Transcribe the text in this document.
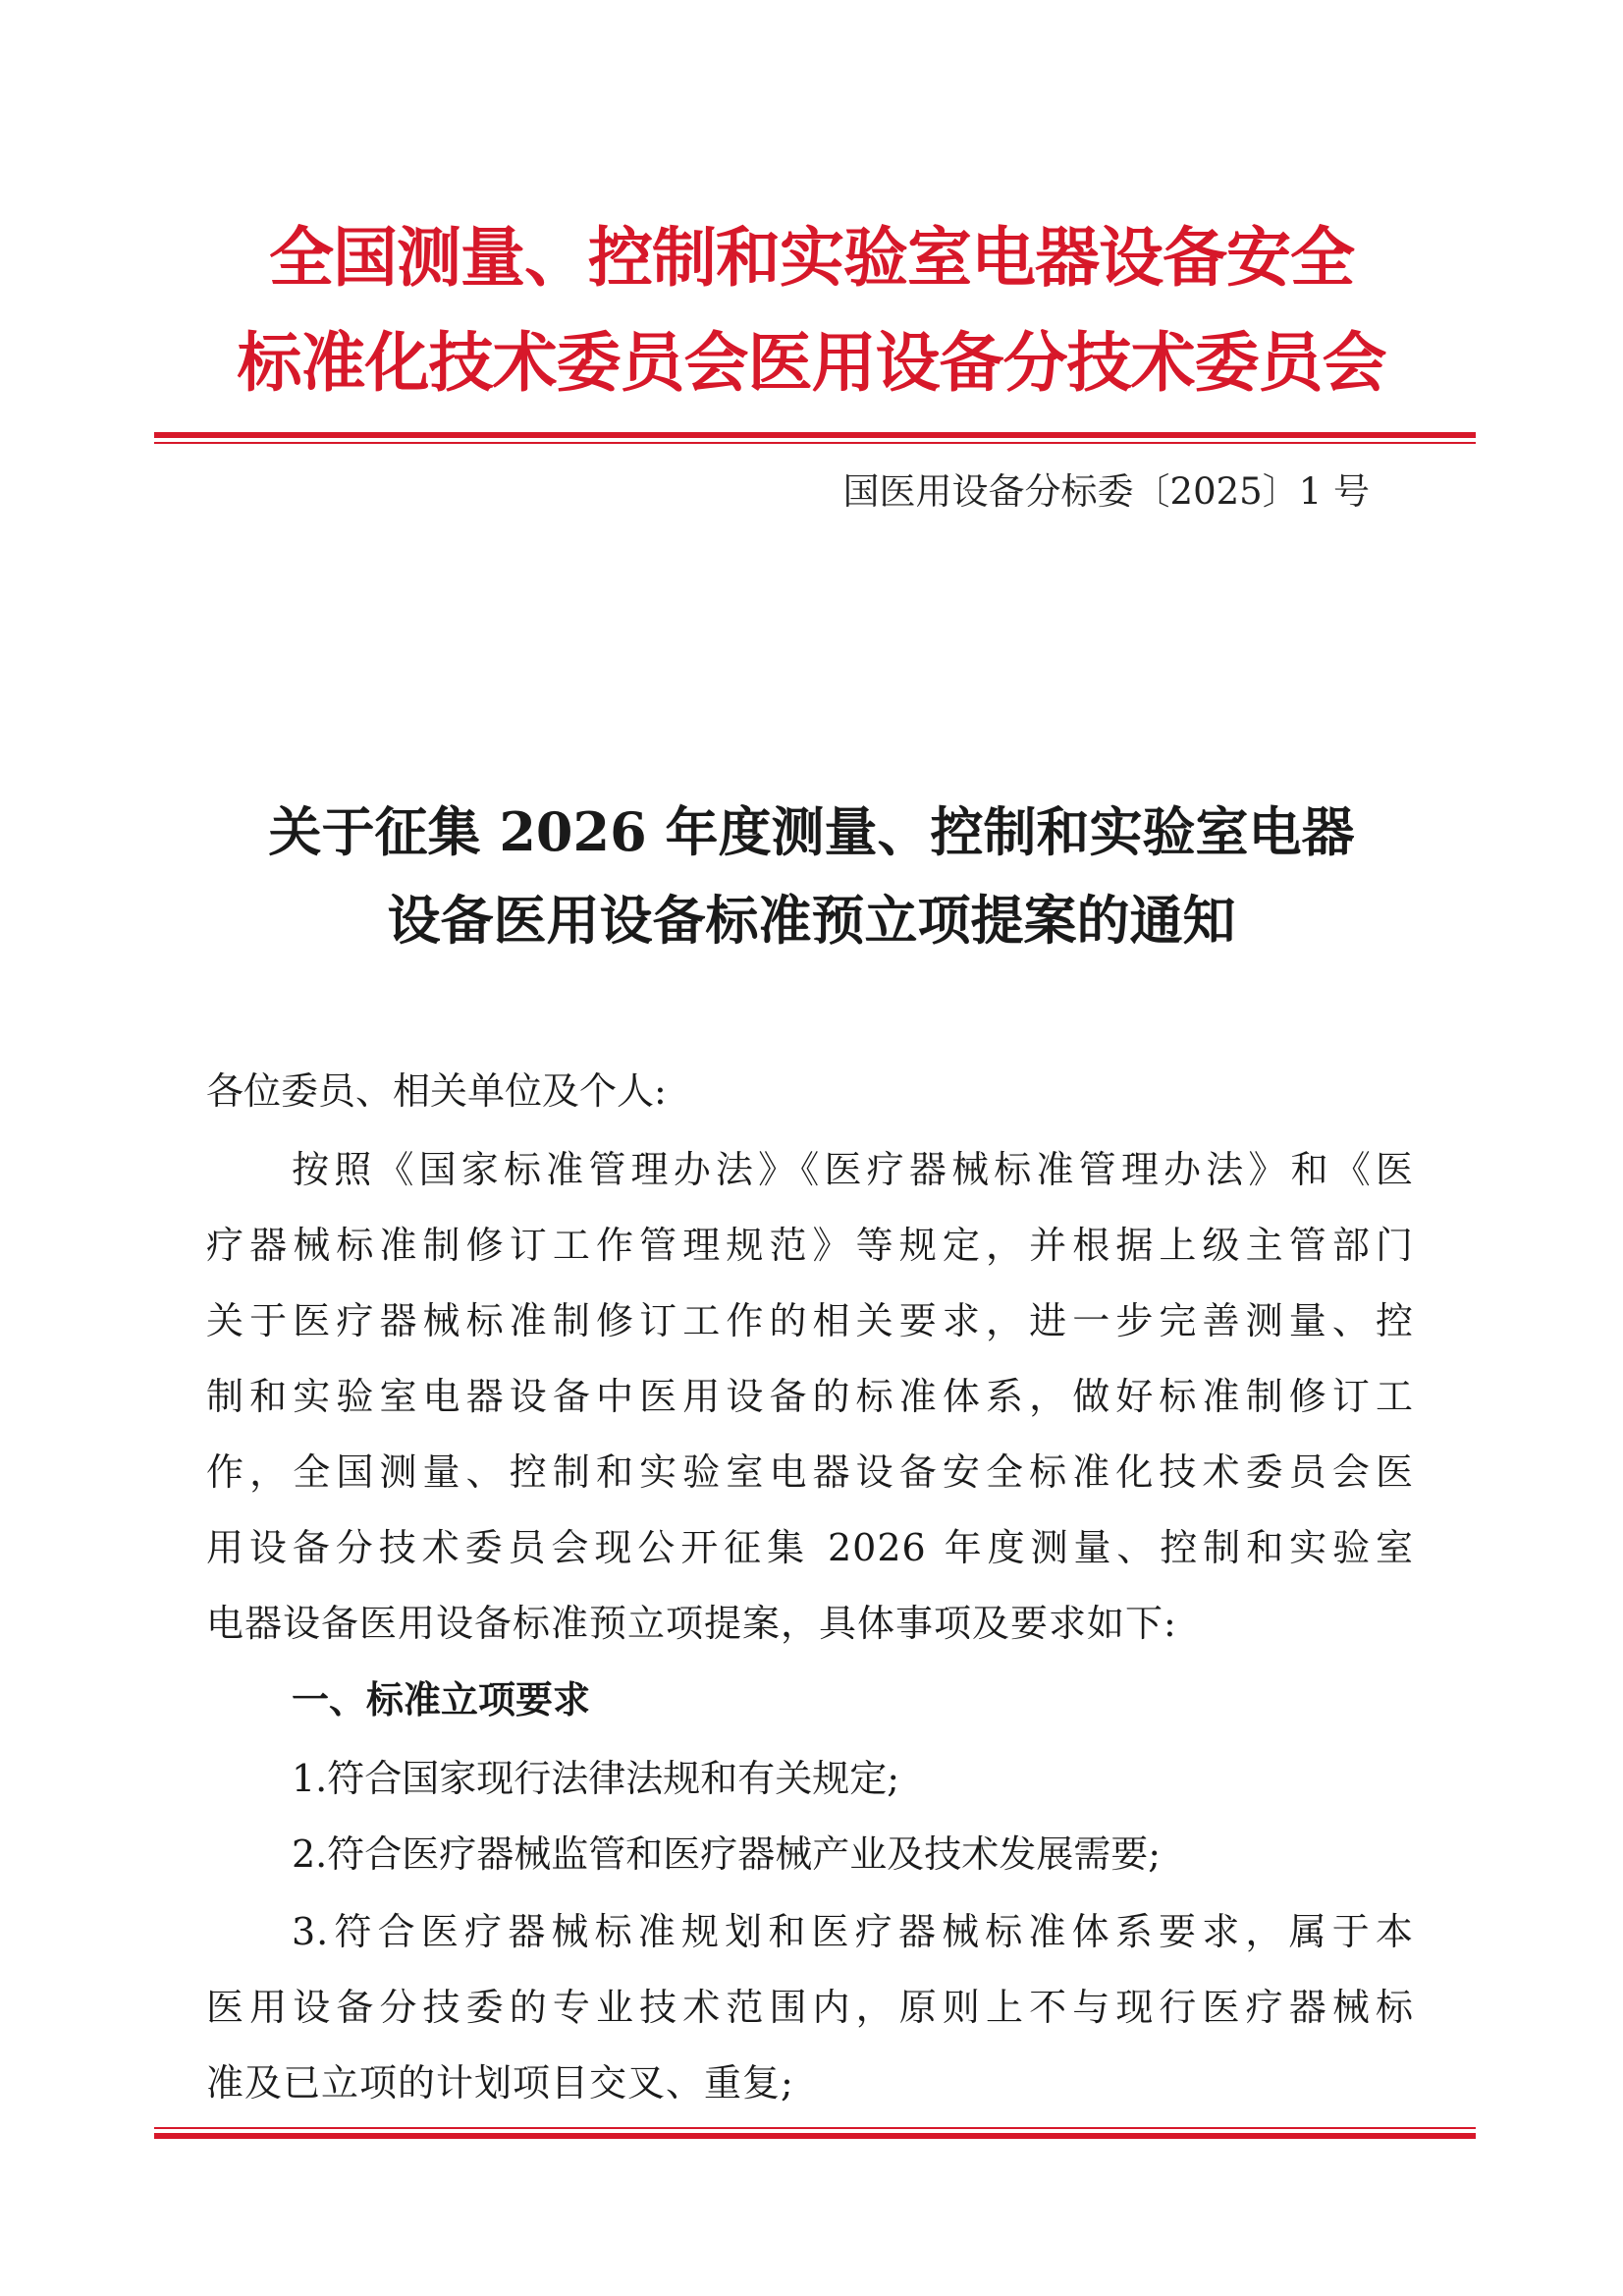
全国测量、控制和实验室电器设备安全
标准化技术委员会医用设备分技术委员会
国医用设备分标委〔2025〕1 号
关于征集 2026 年度测量、控制和实验室电器
设备医用设备标准预立项提案的通知
各位委员、相关单位及个人:
按照《国家标准管理办法》《医疗器械标准管理办法》和《医
疗器械标准制修订工作管理规范》等规定，并根据上级主管部门
关于医疗器械标准制修订工作的相关要求，进一步完善测量、控
制和实验室电器设备中医用设备的标准体系，做好标准制修订工
作，全国测量、控制和实验室电器设备安全标准化技术委员会医
用设备分技术委员会现公开征集 2026 年度测量、控制和实验室
电器设备医用设备标准预立项提案，具体事项及要求如下:
一、标准立项要求
1.符合国家现行法律法规和有关规定;
2.符合医疗器械监管和医疗器械产业及技术发展需要;
3.符合医疗器械标准规划和医疗器械标准体系要求，属于本
医用设备分技委的专业技术范围内，原则上不与现行医疗器械标
准及已立项的计划项目交叉、重复;
